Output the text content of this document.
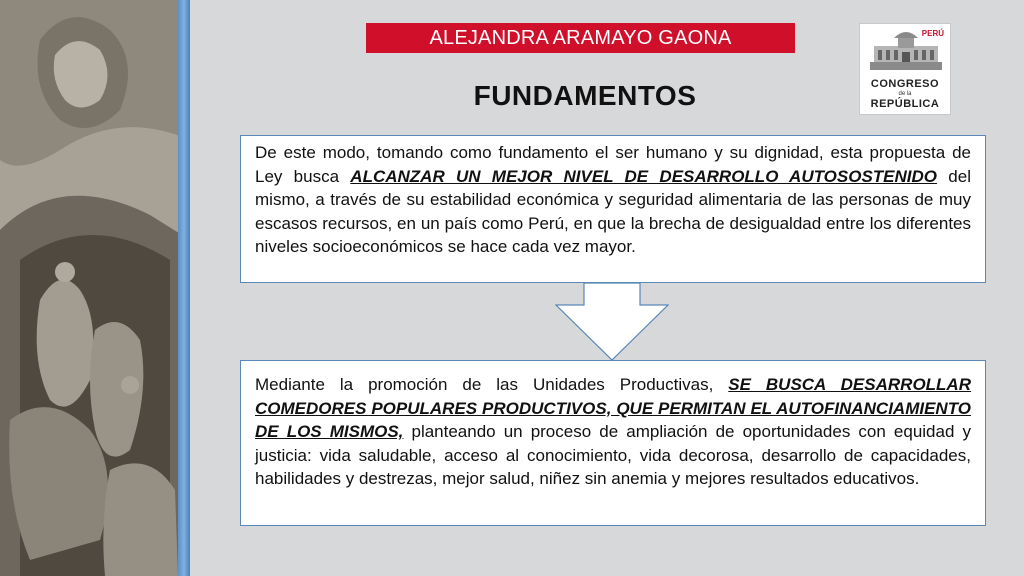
ALEJANDRA ARAMAYO GAONA
FUNDAMENTOS
PERÚ
CONGRESO
de la
REPÚBLICA
De este modo, tomando como fundamento el ser humano y su dignidad, esta propuesta de Ley busca ALCANZAR UN MEJOR NIVEL DE DESARROLLO AUTOSOSTENIDO del mismo, a través de su estabilidad económica y seguridad alimentaria de las personas de muy escasos recursos, en un país como Perú, en que la brecha de desigualdad entre los diferentes niveles socioeconómicos se hace cada vez mayor.
Mediante la promoción de las Unidades Productivas, SE BUSCA DESARROLLAR COMEDORES POPULARES PRODUCTIVOS, QUE PERMITAN EL AUTOFINANCIAMIENTO DE LOS MISMOS, planteando un proceso de ampliación de oportunidades con equidad y justicia: vida saludable, acceso al conocimiento, vida decorosa, desarrollo de capacidades, habilidades y destrezas, mejor salud, niñez sin anemia y mejores resultados educativos.
